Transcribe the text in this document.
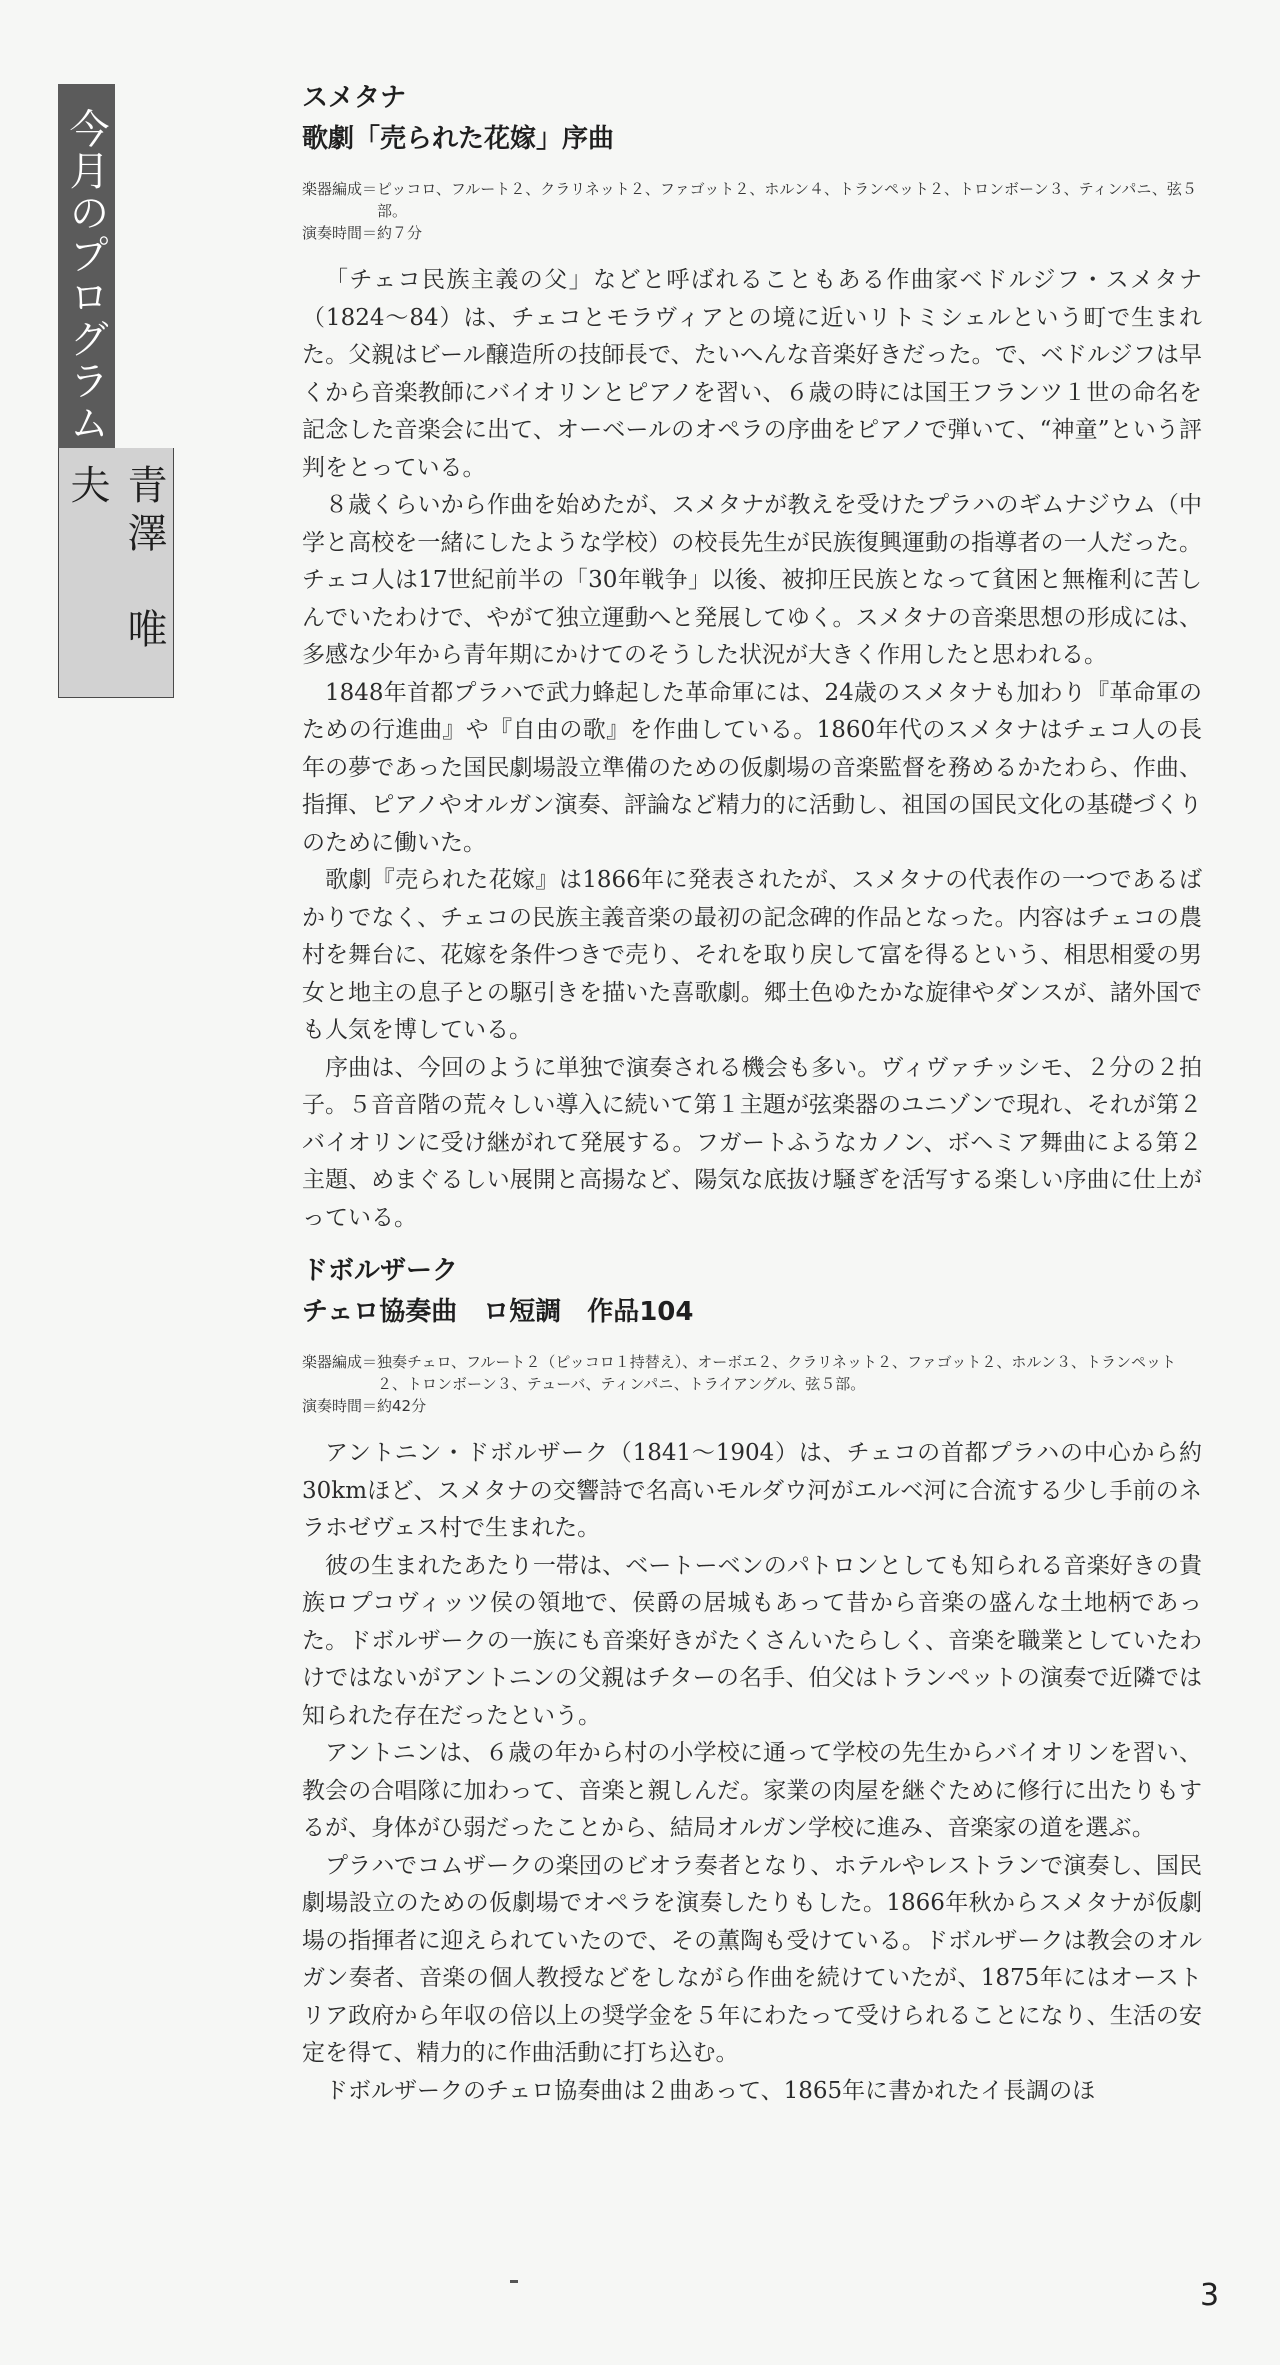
今月のプログラム
青澤　唯夫
スメタナ
歌劇「売られた花嫁」序曲
楽器編成＝ ピッコロ、フルート２、クラリネット２、ファゴット２、ホルン４、トランペット２、トロンボーン３、ティンパニ、弦５部。
演奏時間＝約７分

「チェコ民族主義の父」などと呼ばれることもある作曲家ベドルジフ・スメタナ（1824〜84）は、チェコとモラヴィアとの境に近いリトミシェルという町で生まれた。父親はビール醸造所の技師長で、たいへんな音楽好きだった。で、ベドルジフは早くから音楽教師にバイオリンとピアノを習い、６歳の時には国王フランツ１世の命名を記念した音楽会に出て、オーベールのオペラの序曲をピアノで弾いて、“神童”という評判をとっている。

８歳くらいから作曲を始めたが、スメタナが教えを受けたプラハのギムナジウム（中学と高校を一緒にしたような学校）の校長先生が民族復興運動の指導者の一人だった。チェコ人は17世紀前半の「30年戦争」以後、被抑圧民族となって貧困と無権利に苦しんでいたわけで、やがて独立運動へと発展してゆく。スメタナの音楽思想の形成には、多感な少年から青年期にかけてのそうした状況が大きく作用したと思われる。

1848年首都プラハで武力蜂起した革命軍には、24歳のスメタナも加わり『革命軍のための行進曲』や『自由の歌』を作曲している。1860年代のスメタナはチェコ人の長年の夢であった国民劇場設立準備のための仮劇場の音楽監督を務めるかたわら、作曲、指揮、ピアノやオルガン演奏、評論など精力的に活動し、祖国の国民文化の基礎づくりのために働いた。

歌劇『売られた花嫁』は1866年に発表されたが、スメタナの代表作の一つであるばかりでなく、チェコの民族主義音楽の最初の記念碑的作品となった。内容はチェコの農村を舞台に、花嫁を条件つきで売り、それを取り戻して富を得るという、相思相愛の男女と地主の息子との駆引きを描いた喜歌劇。郷土色ゆたかな旋律やダンスが、諸外国でも人気を博している。

序曲は、今回のように単独で演奏される機会も多い。ヴィヴァチッシモ、２分の２拍子。５音音階の荒々しい導入に続いて第１主題が弦楽器のユニゾンで現れ、それが第２バイオリンに受け継がれて発展する。フガートふうなカノン、ボヘミア舞曲による第２主題、めまぐるしい展開と高揚など、陽気な底抜け騒ぎを活写する楽しい序曲に仕上がっている。

ドボルザーク
チェロ協奏曲　ロ短調　作品104
楽器編成＝ 独奏チェロ、フルート２（ピッコロ１持替え）、オーボエ２、クラリネット２、ファゴット２、ホルン３、トランペット２、トロンボーン３、テューバ、ティンパニ、トライアングル、弦５部。
演奏時間＝約42分

アントニン・ドボルザーク（1841〜1904）は、チェコの首都プラハの中心から約30kmほど、スメタナの交響詩で名高いモルダウ河がエルベ河に合流する少し手前のネラホゼヴェス村で生まれた。

彼の生まれたあたり一帯は、ベートーベンのパトロンとしても知られる音楽好きの貴族ロプコヴィッツ侯の領地で、侯爵の居城もあって昔から音楽の盛んな土地柄であった。ドボルザークの一族にも音楽好きがたくさんいたらしく、音楽を職業としていたわけではないがアントニンの父親はチターの名手、伯父はトランペットの演奏で近隣では知られた存在だったという。

アントニンは、６歳の年から村の小学校に通って学校の先生からバイオリンを習い、教会の合唱隊に加わって、音楽と親しんだ。家業の肉屋を継ぐために修行に出たりもするが、身体がひ弱だったことから、結局オルガン学校に進み、音楽家の道を選ぶ。

プラハでコムザークの楽団のビオラ奏者となり、ホテルやレストランで演奏し、国民劇場設立のための仮劇場でオペラを演奏したりもした。1866年秋からスメタナが仮劇場の指揮者に迎えられていたので、その薫陶も受けている。ドボルザークは教会のオルガン奏者、音楽の個人教授などをしながら作曲を続けていたが、1875年にはオーストリア政府から年収の倍以上の奨学金を５年にわたって受けられることになり、生活の安定を得て、精力的に作曲活動に打ち込む。

ドボルザークのチェロ協奏曲は２曲あって、1865年に書かれたイ長調のほ

3
